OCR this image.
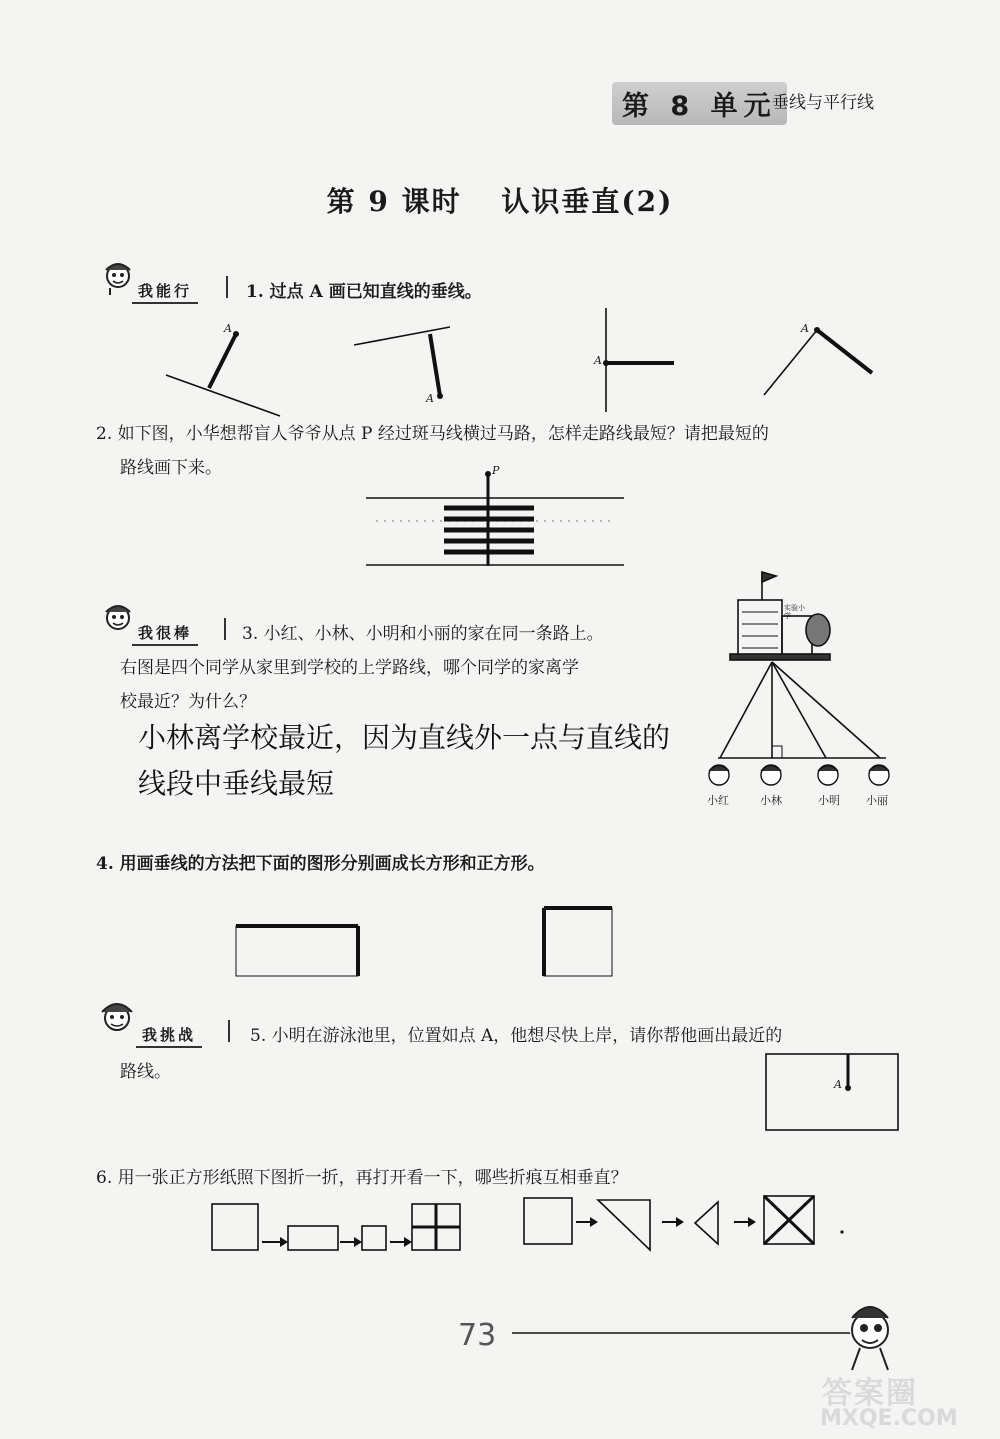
第 8 单元
垂线与平行线
第 9 课时 认识垂直(2)
我能行	1. 过点 A 画已知直线的垂线。
2. 如下图，小华想帮盲人爷爷从点 P 经过斑马线横过马路，怎样走路线最短？请把最短的
路线画下来。
我很棒	3. 小红、小林、小明和小丽的家在同一条路上。
右图是四个同学从家里到学校的上学路线，哪个同学的家离学
校最近？为什么？
小林离学校最近，因为直线外一点与直线的
线段中垂线最短
4. 用画垂线的方法把下面的图形分别画成长方形和正方形。
我挑战	5. 小明在游泳池里，位置如点 A，他想尽快上岸，请你帮他画出最近的
路线。
6. 用一张正方形纸照下图折一折，再打开看一下，哪些折痕互相垂直？
A
A
A
A
P
A
实验小学
小红	小林	小明 小丽
73
答案圈
MXQE.COM
